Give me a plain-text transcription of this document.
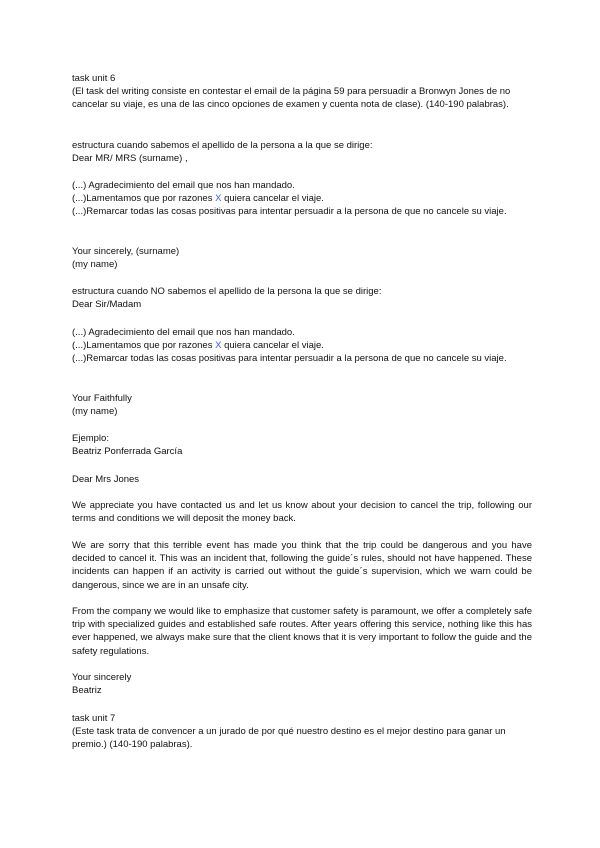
task unit 6

(El task del writing consiste en contestar el email de la página 59 para persuadir a Bronwyn Jones de no cancelar su viaje, es una de las cinco opciones de examen y cuenta nota de clase). (140-190 palabras).

estructura cuando sabemos el apellido de la persona a la que se dirige:

Dear MR/ MRS (surname) ,

(...) Agradecimiento del email que nos han mandado.

(...)Lamentamos que por razones X quiera cancelar el viaje.

(...)Remarcar todas las cosas positivas para intentar persuadir a la persona de que no cancele su viaje.

Your sincerely, (surname)

(my name)

estructura cuando NO sabemos el apellido de la persona la que se dirige:

Dear Sir/Madam

(...) Agradecimiento del email que nos han mandado.

(...)Lamentamos que por razones X quiera cancelar el viaje.

(...)Remarcar todas las cosas positivas para intentar persuadir a la persona de que no cancele su viaje.

Your Faithfully

(my name)

Ejemplo:

Beatriz Ponferrada García

Dear Mrs Jones

We appreciate you have contacted us and let us know about your decision to cancel the trip, following our terms and conditions we will deposit the money back.

We are sorry that this terrible event has made you think that the trip could be dangerous and you have decided to cancel it. This was an incident that, following the guide´s rules, should not have happened. These incidents can happen if an activity is carried out without the guide´s supervision, which we warn could be dangerous, since we are in an unsafe city.

From the company we would like to emphasize that customer safety is paramount, we offer a completely safe trip with specialized guides and established safe routes. After years offering this service, nothing like this has ever happened, we always make sure that the client knows that it is very important to follow the guide and the safety regulations.

Your sincerely

Beatriz

task unit 7

(Este task trata de convencer a un jurado de por qué nuestro destino es el mejor destino para ganar un premio.) (140-190 palabras).
